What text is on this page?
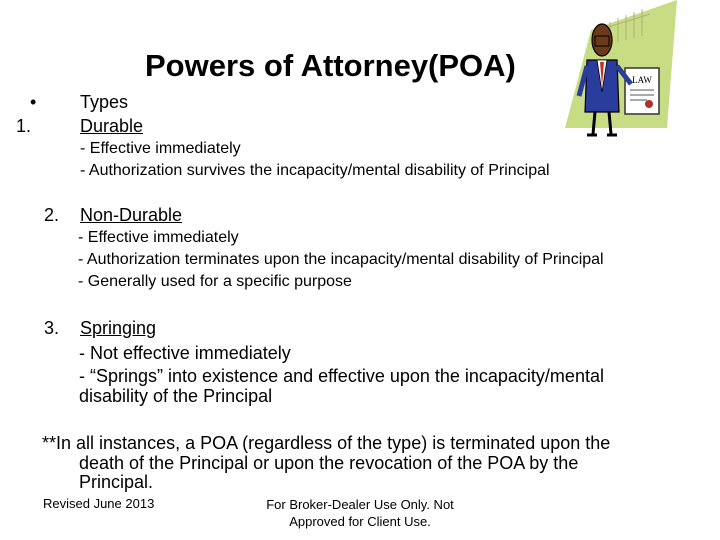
Powers of Attorney(POA)	LAW
• Types
1.	Durable
- Effective immediately
- Authorization survives the incapacity/mental disability of Principal
2. Non-Durable
- Effective immediately
- Authorization terminates upon the incapacity/mental disability of Principal
- Generally used for a specific purpose
3. Springing
- Not effective immediately
- “Springs” into existence and effective upon the incapacity/mental
disability of the Principal
**In all instances, a POA (regardless of the type) is terminated upon the
death of the Principal or upon the revocation of the POA by the
Principal.
Revised June 2013	For Broker-Dealer Use Only. Not
Approved for Client Use.
